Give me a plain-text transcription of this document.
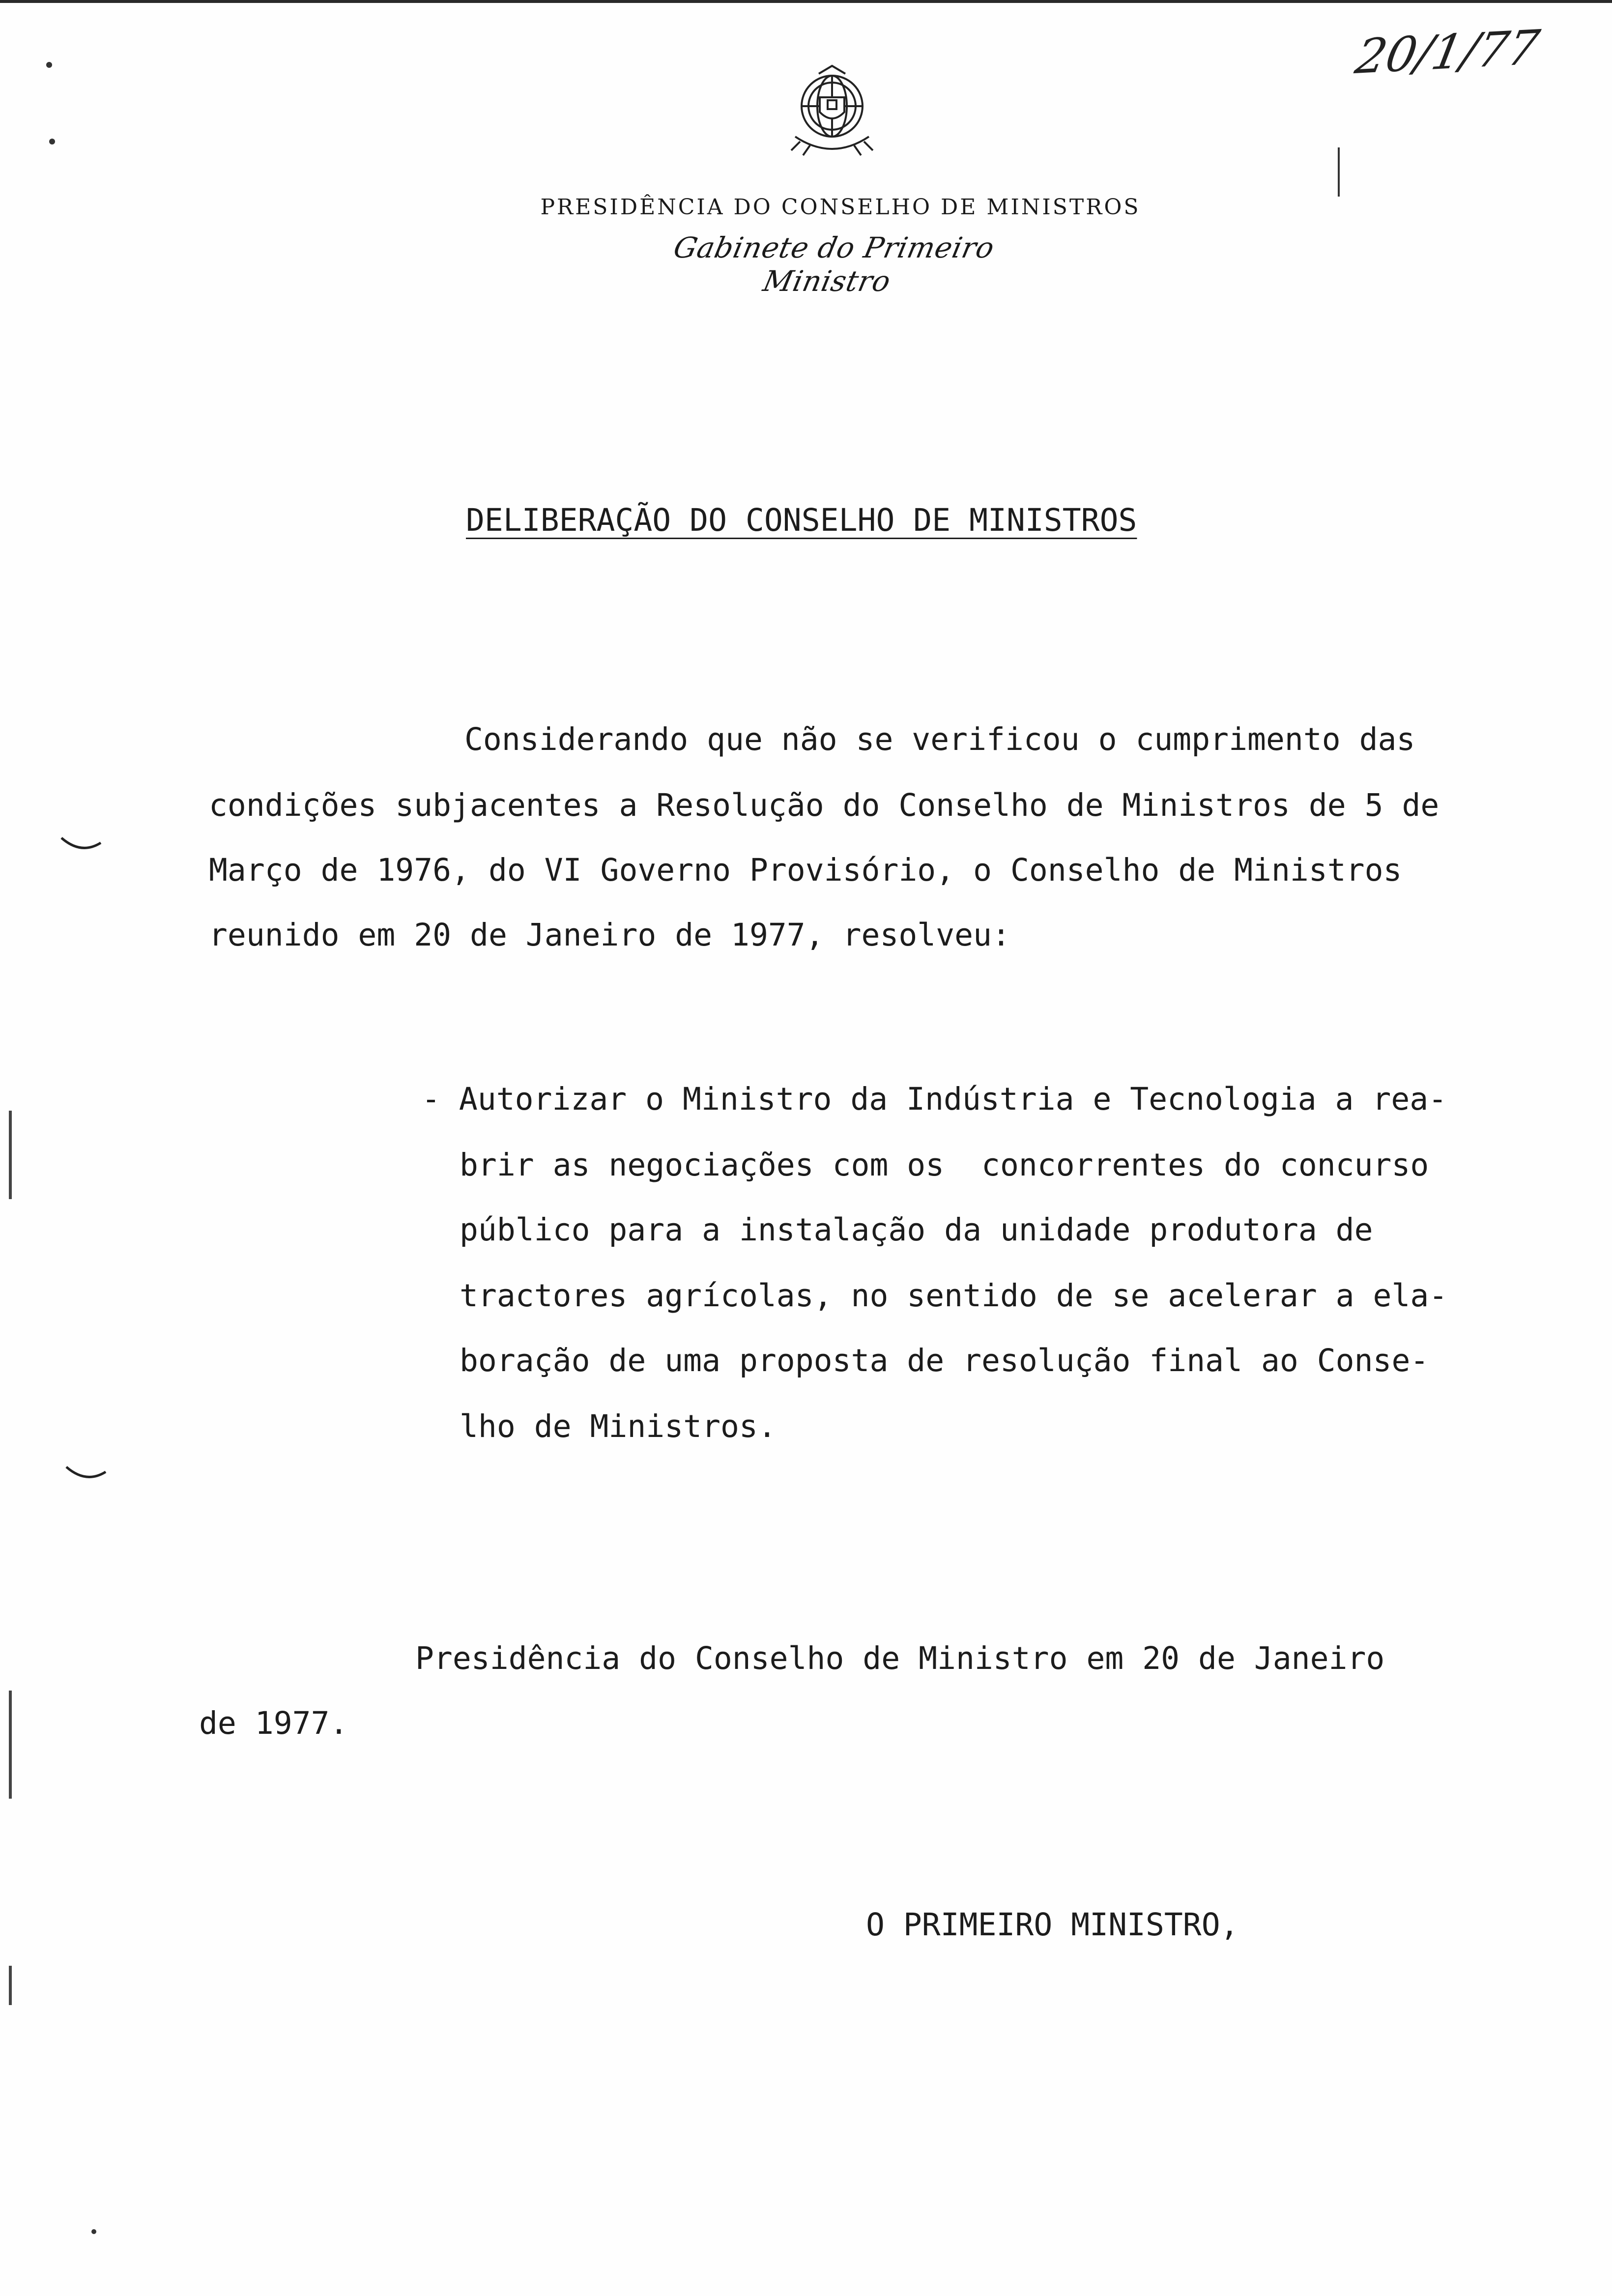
20/1/77
PRESIDÊNCIA DO CONSELHO DE MINISTROS
Gabinete do Primeiro Ministro
DELIBERAÇÃO DO CONSELHO DE MINISTROS
Considerando que não se verificou o cumprimento das
condições subjacentes a Resolução do Conselho de Ministros de 5 de
Março de 1976, do VI Governo Provisório, o Conselho de Ministros
reunido em 20 de Janeiro de 1977, resolveu:
- Autorizar o Ministro da Indústria e Tecnologia a rea-
brir as negociações com os  concorrentes do concurso
público para a instalação da unidade produtora de
tractores agrícolas, no sentido de se acelerar a ela-
boração de uma proposta de resolução final ao Conse-
lho de Ministros.
Presidência do Conselho de Ministro em 20 de Janeiro
de 1977.
O PRIMEIRO MINISTRO,
